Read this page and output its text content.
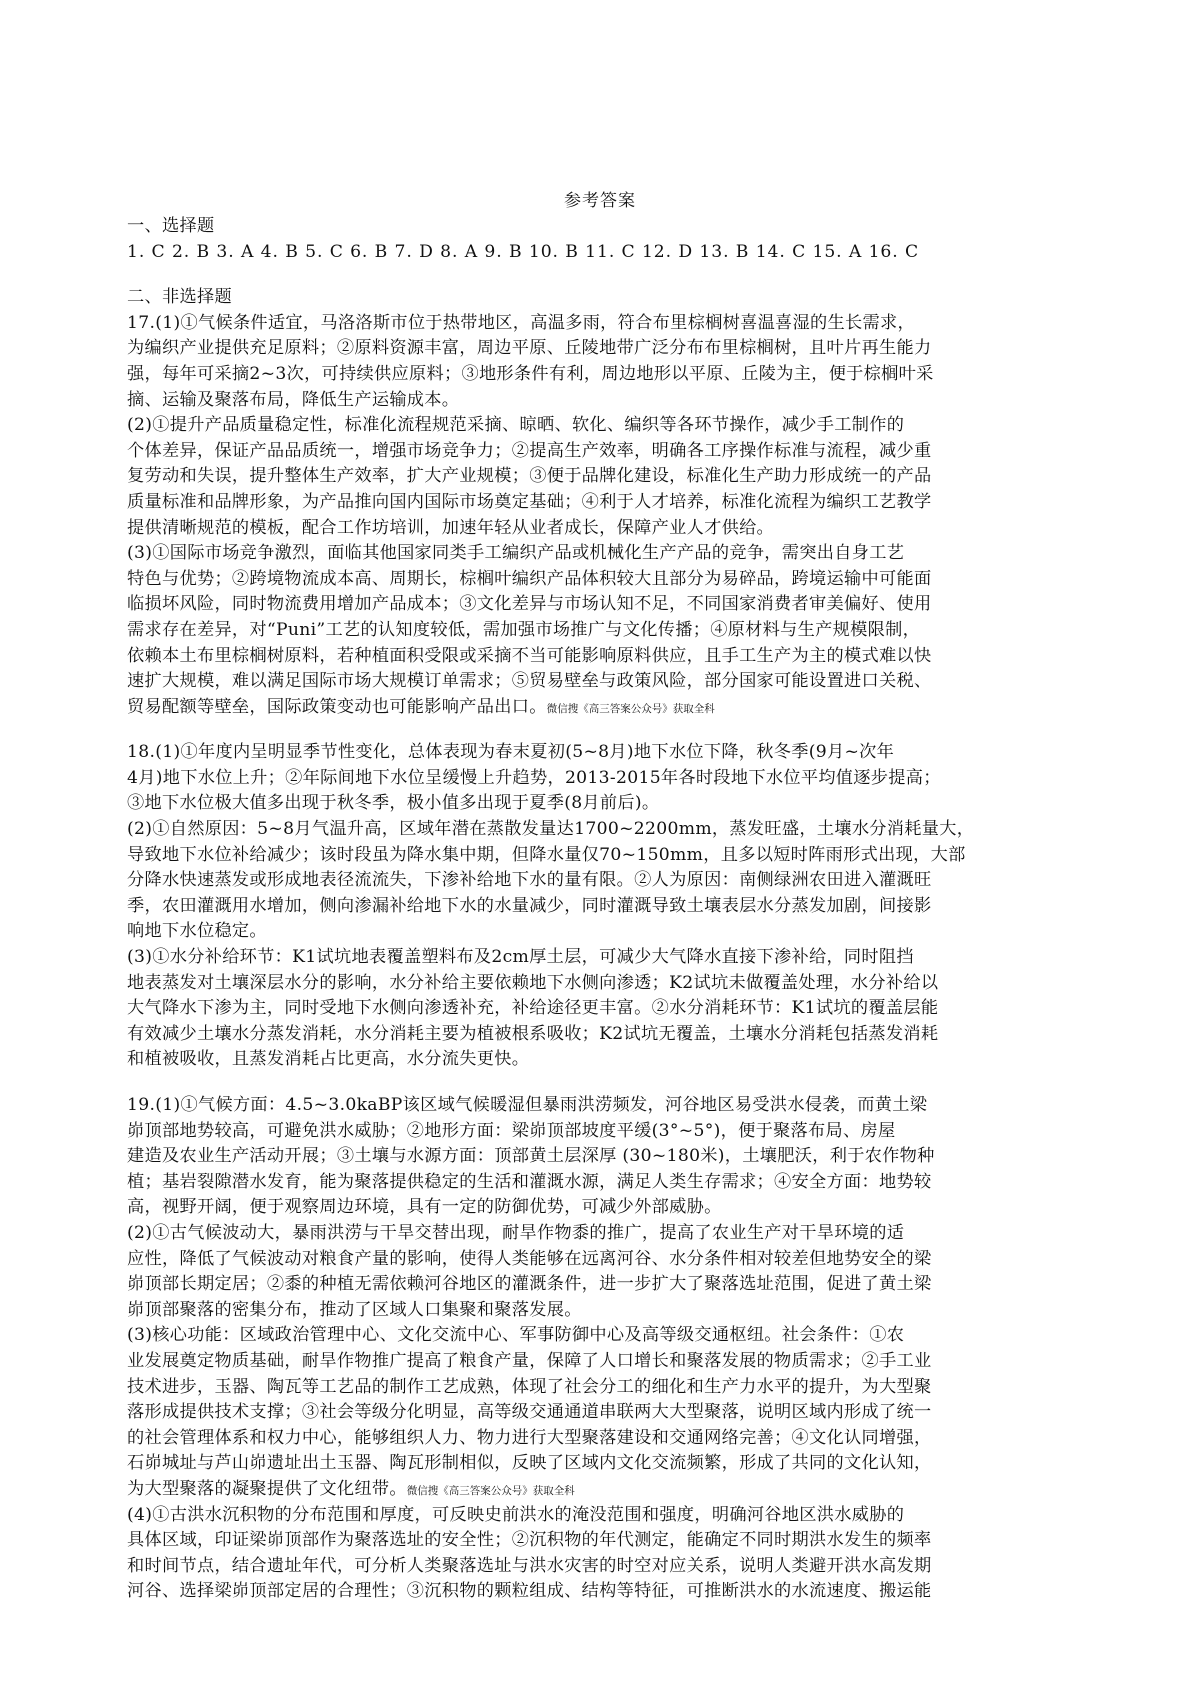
参考答案
一、选择题
1. C 2. B 3. A 4. B 5. C 6. B 7. D 8. A 9. B 10. B 11. C 12. D 13. B 14. C 15. A 16. C
二、非选择题
17.(1)①气候条件适宜，马洛洛斯市位于热带地区，高温多雨，符合布里棕榈树喜温喜湿的生长需求，
为编织产业提供充足原料；②原料资源丰富，周边平原、丘陵地带广泛分布布里棕榈树，且叶片再生能力
强，每年可采摘2~3次，可持续供应原料；③地形条件有利，周边地形以平原、丘陵为主，便于棕榈叶采
摘、运输及聚落布局，降低生产运输成本。
(2)①提升产品质量稳定性，标准化流程规范采摘、晾晒、软化、编织等各环节操作，减少手工制作的
个体差异，保证产品品质统一，增强市场竞争力；②提高生产效率，明确各工序操作标准与流程，减少重
复劳动和失误，提升整体生产效率，扩大产业规模；③便于品牌化建设，标准化生产助力形成统一的产品
质量标准和品牌形象，为产品推向国内国际市场奠定基础；④利于人才培养，标准化流程为编织工艺教学
提供清晰规范的模板，配合工作坊培训，加速年轻从业者成长，保障产业人才供给。
(3)①国际市场竞争激烈，面临其他国家同类手工编织产品或机械化生产产品的竞争，需突出自身工艺
特色与优势；②跨境物流成本高、周期长，棕榈叶编织产品体积较大且部分为易碎品，跨境运输中可能面
临损坏风险，同时物流费用增加产品成本；③文化差异与市场认知不足，不同国家消费者审美偏好、使用
需求存在差异，对“Puni”工艺的认知度较低，需加强市场推广与文化传播；④原材料与生产规模限制，
依赖本土布里棕榈树原料，若种植面积受限或采摘不当可能影响原料供应，且手工生产为主的模式难以快
速扩大规模，难以满足国际市场大规模订单需求；⑤贸易壁垒与政策风险，部分国家可能设置进口关税、
贸易配额等壁垒，国际政策变动也可能影响产品出口。微信搜《高三答案公众号》获取全科
18.(1)①年度内呈明显季节性变化，总体表现为春末夏初(5~8月)地下水位下降，秋冬季(9月~次年
4月)地下水位上升；②年际间地下水位呈缓慢上升趋势，2013-2015年各时段地下水位平均值逐步提高；
③地下水位极大值多出现于秋冬季，极小值多出现于夏季(8月前后)。
(2)①自然原因：5~8月气温升高，区域年潜在蒸散发量达1700~2200mm，蒸发旺盛，土壤水分消耗量大，
导致地下水位补给减少；该时段虽为降水集中期，但降水量仅70~150mm，且多以短时阵雨形式出现，大部
分降水快速蒸发或形成地表径流流失，下渗补给地下水的量有限。②人为原因：南侧绿洲农田进入灌溉旺
季，农田灌溉用水增加，侧向渗漏补给地下水的水量减少，同时灌溉导致土壤表层水分蒸发加剧，间接影
响地下水位稳定。
(3)①水分补给环节：K1试坑地表覆盖塑料布及2cm厚土层，可减少大气降水直接下渗补给，同时阻挡
地表蒸发对土壤深层水分的影响，水分补给主要依赖地下水侧向渗透；K2试坑未做覆盖处理，水分补给以
大气降水下渗为主，同时受地下水侧向渗透补充，补给途径更丰富。②水分消耗环节：K1试坑的覆盖层能
有效减少土壤水分蒸发消耗，水分消耗主要为植被根系吸收；K2试坑无覆盖，土壤水分消耗包括蒸发消耗
和植被吸收，且蒸发消耗占比更高，水分流失更快。
19.(1)①气候方面：4.5~3.0kaBP该区域气候暖湿但暴雨洪涝频发，河谷地区易受洪水侵袭，而黄土梁
峁顶部地势较高，可避免洪水威胁；②地形方面：梁峁顶部坡度平缓(3°~5°)，便于聚落布局、房屋
建造及农业生产活动开展；③土壤与水源方面：顶部黄土层深厚 (30~180米)，土壤肥沃，利于农作物种
植；基岩裂隙潜水发育，能为聚落提供稳定的生活和灌溉水源，满足人类生存需求；④安全方面：地势较
高，视野开阔，便于观察周边环境，具有一定的防御优势，可减少外部威胁。
(2)①古气候波动大，暴雨洪涝与干旱交替出现，耐旱作物黍的推广，提高了农业生产对干旱环境的适
应性，降低了气候波动对粮食产量的影响，使得人类能够在远离河谷、水分条件相对较差但地势安全的梁
峁顶部长期定居；②黍的种植无需依赖河谷地区的灌溉条件，进一步扩大了聚落选址范围，促进了黄土梁
峁顶部聚落的密集分布，推动了区域人口集聚和聚落发展。
(3)核心功能：区域政治管理中心、文化交流中心、军事防御中心及高等级交通枢纽。社会条件：①农
业发展奠定物质基础，耐旱作物推广提高了粮食产量，保障了人口增长和聚落发展的物质需求；②手工业
技术进步，玉器、陶瓦等工艺品的制作工艺成熟，体现了社会分工的细化和生产力水平的提升，为大型聚
落形成提供技术支撑；③社会等级分化明显，高等级交通通道串联两大大型聚落，说明区域内形成了统一
的社会管理体系和权力中心，能够组织人力、物力进行大型聚落建设和交通网络完善；④文化认同增强，
石峁城址与芦山峁遗址出土玉器、陶瓦形制相似，反映了区域内文化交流频繁，形成了共同的文化认知，
为大型聚落的凝聚提供了文化纽带。微信搜《高三答案公众号》获取全科
(4)①古洪水沉积物的分布范围和厚度，可反映史前洪水的淹没范围和强度，明确河谷地区洪水威胁的
具体区域，印证梁峁顶部作为聚落选址的安全性；②沉积物的年代测定，能确定不同时期洪水发生的频率
和时间节点，结合遗址年代，可分析人类聚落选址与洪水灾害的时空对应关系，说明人类避开洪水高发期
河谷、选择梁峁顶部定居的合理性；③沉积物的颗粒组成、结构等特征，可推断洪水的水流速度、搬运能
